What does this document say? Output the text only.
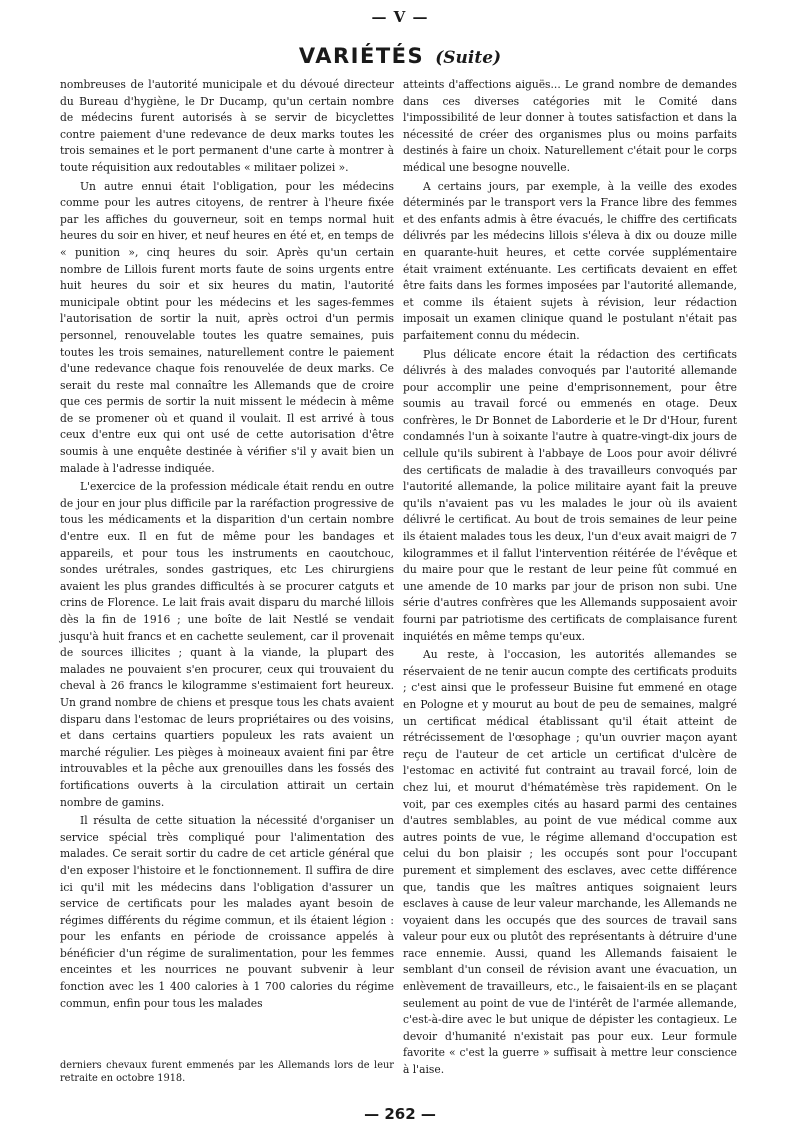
— V —
VARIÉTÉS (Suite)

nombreuses de l'autorité municipale et du dévoué directeur du Bureau d'hygiène, le Dr Ducamp, qu'un certain nombre de médecins furent autorisés à se servir de bicyclettes contre paiement d'une redevance de deux marks toutes les trois semaines et le port permanent d'une carte à montrer à toute réquisition aux redoutables « militaer polizei ».

Un autre ennui était l'obligation, pour les médecins comme pour les autres citoyens, de rentrer à l'heure fixée par les affiches du gouverneur, soit en temps normal huit heures du soir en hiver, et neuf heures en été et, en temps de « punition », cinq heures du soir. Après qu'un certain nombre de Lillois furent morts faute de soins urgents entre huit heures du soir et six heures du matin, l'autorité municipale obtint pour les médecins et les sages-femmes l'autorisation de sortir la nuit, après octroi d'un permis personnel, renouvelable toutes les quatre semaines, puis toutes les trois semaines, naturellement contre le paiement d'une redevance chaque fois renouvelée de deux marks. Ce serait du reste mal connaître les Allemands que de croire que ces permis de sortir la nuit missent le médecin à même de se promener où et quand il voulait. Il est arrivé à tous ceux d'entre eux qui ont usé de cette autorisation d'être soumis à une enquête destinée à vérifier s'il y avait bien un malade à l'adresse indiquée.

L'exercice de la profession médicale était rendu en outre de jour en jour plus difficile par la raréfaction progressive de tous les médicaments et la disparition d'un certain nombre d'entre eux. Il en fut de même pour les bandages et appareils, et pour tous les instruments en caoutchouc, sondes urétrales, sondes gastriques, etc Les chirurgiens avaient les plus grandes difficultés à se procurer catguts et crins de Florence. Le lait frais avait disparu du marché lillois dès la fin de 1916 ; une boîte de lait Nestlé se vendait jusqu'à huit francs et en cachette seulement, car il provenait de sources illicites ; quant à la viande, la plupart des malades ne pouvaient s'en procurer, ceux qui trouvaient du cheval à 26 francs le kilogramme s'estimaient fort heureux. Un grand nombre de chiens et presque tous les chats avaient disparu dans l'estomac de leurs propriétaires ou des voisins, et dans certains quartiers populeux les rats avaient un marché régulier. Les pièges à moineaux avaient fini par être introuvables et la pêche aux grenouilles dans les fossés des fortifications ouverts à la circulation attirait un certain nombre de gamins.

Il résulta de cette situation la nécessité d'organiser un service spécial très compliqué pour l'alimentation des malades. Ce serait sortir du cadre de cet article général que d'en exposer l'histoire et le fonctionnement. Il suffira de dire ici qu'il mit les médecins dans l'obligation d'assurer un service de certificats pour les malades ayant besoin de régimes différents du régime commun, et ils étaient légion : pour les enfants en période de croissance appelés à bénéficier d'un régime de suralimentation, pour les femmes enceintes et les nourrices ne pouvant subvenir à leur fonction avec les 1 400 calories à 1 700 calories du régime commun, enfin pour tous les malades

atteints d'affections aiguës... Le grand nombre de demandes dans ces diverses catégories mit le Comité dans l'impossibilité de leur donner à toutes satisfaction et dans la nécessité de créer des organismes plus ou moins parfaits destinés à faire un choix. Naturellement c'était pour le corps médical une besogne nouvelle.

A certains jours, par exemple, à la veille des exodes déterminés par le transport vers la France libre des femmes et des enfants admis à être évacués, le chiffre des certificats délivrés par les médecins lillois s'éleva à dix ou douze mille en quarante-huit heures, et cette corvée supplémentaire était vraiment exténuante. Les certificats devaient en effet être faits dans les formes imposées par l'autorité allemande, et comme ils étaient sujets à révision, leur rédaction imposait un examen clinique quand le postulant n'était pas parfaitement connu du médecin.

Plus délicate encore était la rédaction des certificats délivrés à des malades convoqués par l'autorité allemande pour accomplir une peine d'emprisonnement, pour être soumis au travail forcé ou emmenés en otage. Deux confrères, le Dr Bonnet de Laborderie et le Dr d'Hour, furent condamnés l'un à soixante l'autre à quatre-vingt-dix jours de cellule qu'ils subirent à l'abbaye de Loos pour avoir délivré des certificats de maladie à des travailleurs convoqués par l'autorité allemande, la police militaire ayant fait la preuve qu'ils n'avaient pas vu les malades le jour où ils avaient délivré le certificat. Au bout de trois semaines de leur peine ils étaient malades tous les deux, l'un d'eux avait maigri de 7 kilogrammes et il fallut l'intervention réitérée de l'évêque et du maire pour que le restant de leur peine fût commué en une amende de 10 marks par jour de prison non subi. Une série d'autres confrères que les Allemands supposaient avoir fourni par patriotisme des certificats de complaisance furent inquiétés en même temps qu'eux.

Au reste, à l'occasion, les autorités allemandes se réservaient de ne tenir aucun compte des certificats produits ; c'est ainsi que le professeur Buisine fut emmené en otage en Pologne et y mourut au bout de peu de semaines, malgré un certificat médical établissant qu'il était atteint de rétrécissement de l'œsophage ; qu'un ouvrier maçon ayant reçu de l'auteur de cet article un certificat d'ulcère de l'estomac en activité fut contraint au travail forcé, loin de chez lui, et mourut d'hématémèse très rapidement. On le voit, par ces exemples cités au hasard parmi des centaines d'autres semblables, au point de vue médical comme aux autres points de vue, le régime allemand d'occupation est celui du bon plaisir ; les occupés sont pour l'occupant purement et simplement des esclaves, avec cette différence que, tandis que les maîtres antiques soignaient leurs esclaves à cause de leur valeur marchande, les Allemands ne voyaient dans les occupés que des sources de travail sans valeur pour eux ou plutôt des représentants à détruire d'une race ennemie. Aussi, quand les Allemands faisaient le semblant d'un conseil de révision avant une évacuation, un enlèvement de travailleurs, etc., le faisaient-ils en se plaçant seulement au point de vue de l'intérêt de l'armée allemande, c'est-à-dire avec le but unique de dépister les contagieux. Le devoir d'humanité n'existait pas pour eux. Leur formule favorite « c'est la guerre » suffisait à mettre leur conscience à l'aise.

derniers chevaux furent emmenés par les Allemands lors de leur retraite en octobre 1918.

— 262 —
